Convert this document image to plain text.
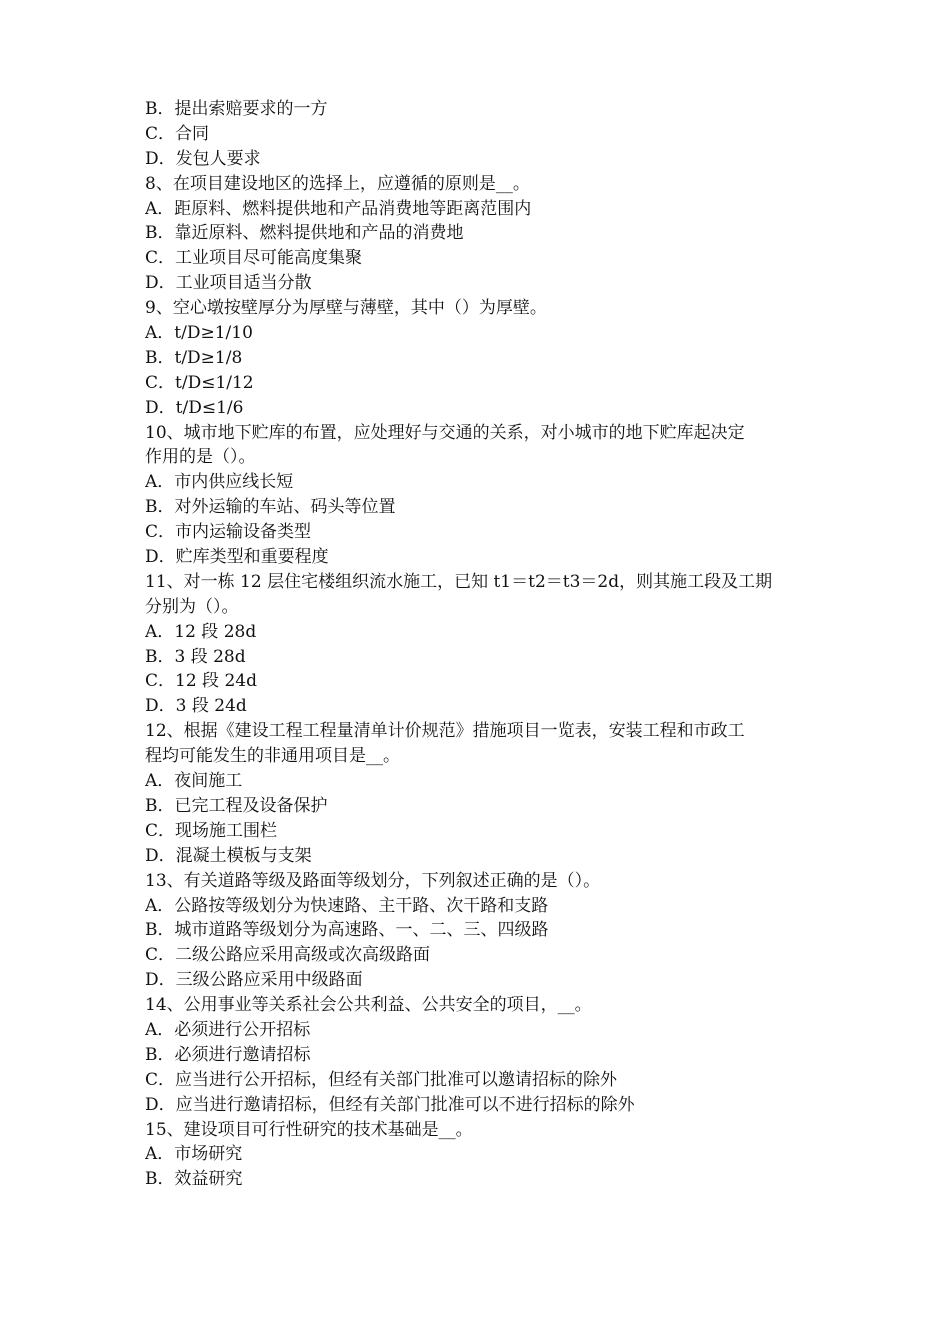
B．提出索赔要求的一方
C．合同
D．发包人要求
8、在项目建设地区的选择上，应遵循的原则是__。
A．距原料、燃料提供地和产品消费地等距离范围内
B．靠近原料、燃料提供地和产品的消费地
C．工业项目尽可能高度集聚
D．工业项目适当分散
9、空心墩按壁厚分为厚壁与薄壁，其中（）为厚壁。
A．t/D≥1/10
B．t/D≥1/8
C．t/D≤1/12
D．t/D≤1/6
10、城市地下贮库的布置，应处理好与交通的关系，对小城市的地下贮库起决定
作用的是（）。
A．市内供应线长短
B．对外运输的车站、码头等位置
C．市内运输设备类型
D．贮库类型和重要程度
11、对一栋 12 层住宅楼组织流水施工，已知 t1＝t2＝t3＝2d，则其施工段及工期
分别为（）。
A．12 段 28d
B．3 段 28d
C．12 段 24d
D．3 段 24d
12、根据《建设工程工程量清单计价规范》措施项目一览表，安装工程和市政工
程均可能发生的非通用项目是__。
A．夜间施工
B．已完工程及设备保护
C．现场施工围栏
D．混凝土模板与支架
13、有关道路等级及路面等级划分，下列叙述正确的是（）。
A．公路按等级划分为快速路、主干路、次干路和支路
B．城市道路等级划分为高速路、一、二、三、四级路
C．二级公路应采用高级或次高级路面
D．三级公路应采用中级路面
14、公用事业等关系社会公共利益、公共安全的项目，__。
A．必须进行公开招标
B．必须进行邀请招标
C．应当进行公开招标，但经有关部门批准可以邀请招标的除外
D．应当进行邀请招标，但经有关部门批准可以不进行招标的除外
15、建设项目可行性研究的技术基础是__。
A．市场研究
B．效益研究
